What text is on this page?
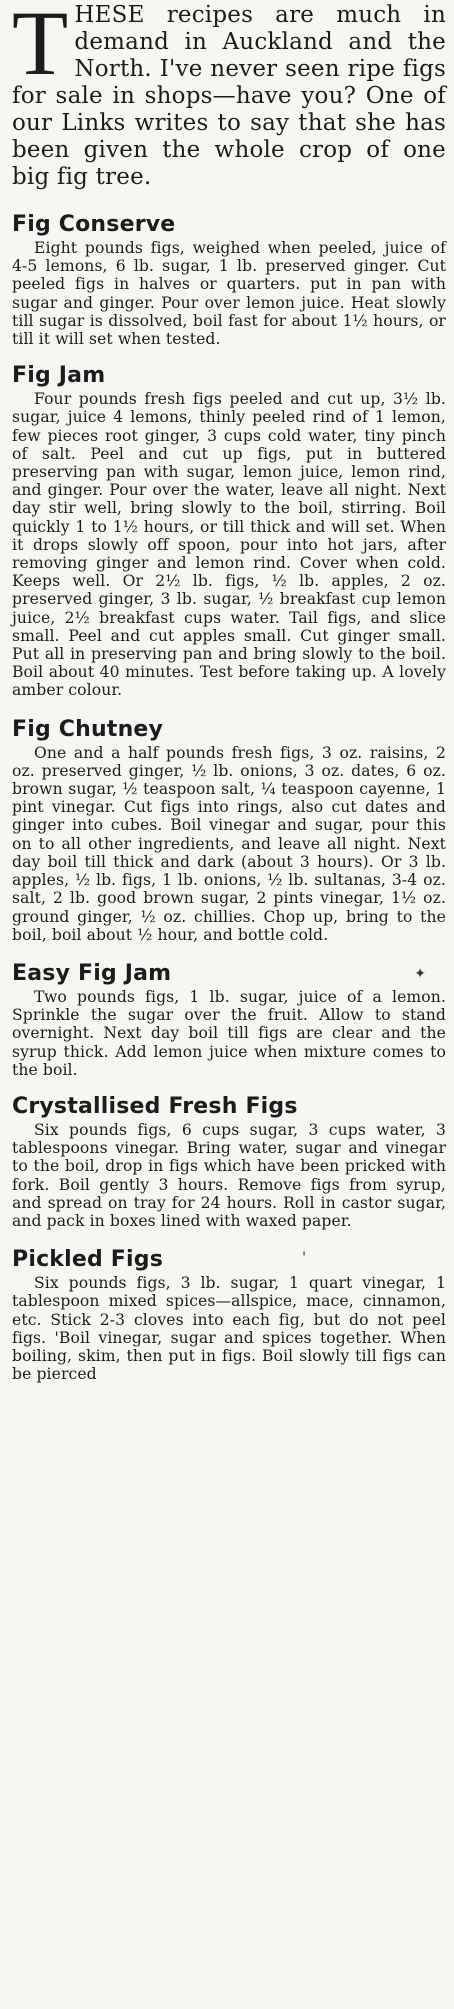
T HESE recipes are much in demand in Auckland and the North. I've never seen ripe figs for sale in shops—have you? One of our Links writes to say that she has been given the whole crop of one big fig tree.
Fig Conserve

Eight pounds figs, weighed when peeled, juice of 4-5 lemons, 6 lb. sugar, 1 lb. preserved ginger. Cut peeled figs in halves or quarters. put in pan with sugar and ginger. Pour over lemon juice. Heat slowly till sugar is dissolved, boil fast for about 1½ hours, or till it will set when tested.

Fig Jam

Four pounds fresh figs peeled and cut up, 3½ lb. sugar, juice 4 lemons, thinly peeled rind of 1 lemon, few pieces root ginger, 3 cups cold water, tiny pinch of salt. Peel and cut up figs, put in buttered preserving pan with sugar, lemon juice, lemon rind, and ginger. Pour over the water, leave all night. Next day stir well, bring slowly to the boil, stirring. Boil quickly 1 to 1½ hours, or till thick and will set. When it drops slowly off spoon, pour into hot jars, after removing ginger and lemon rind. Cover when cold. Keeps well. Or 2½ lb. figs, ½ lb. apples, 2 oz. preserved ginger, 3 lb. sugar, ½ breakfast cup lemon juice, 2½ breakfast cups water. Tail figs, and slice small. Peel and cut apples small. Cut ginger small. Put all in preserving pan and bring slowly to the boil. Boil about 40 minutes. Test before taking up. A lovely amber colour.

Fig Chutney

One and a half pounds fresh figs, 3 oz. raisins, 2 oz. preserved ginger, ½ lb. onions, 3 oz. dates, 6 oz. brown sugar, ½ teaspoon salt, ¼ teaspoon cayenne, 1 pint vinegar. Cut figs into rings, also cut dates and ginger into cubes. Boil vinegar and sugar, pour this on to all other ingredients, and leave all night. Next day boil till thick and dark (about 3 hours). Or 3 lb. apples, ½ lb. figs, 1 lb. onions, ½ lb. sultanas, 3-4 oz. salt, 2 lb. good brown sugar, 2 pints vinegar, 1½ oz. ground ginger, ½ oz. chillies. Chop up, bring to the boil, boil about ½ hour, and bottle cold.

✦
Easy Fig Jam

Two pounds figs, 1 lb. sugar, juice of a lemon. Sprinkle the sugar over the fruit. Allow to stand overnight. Next day boil till figs are clear and the syrup thick. Add lemon juice when mixture comes to the boil.

Crystallised Fresh Figs

Six pounds figs, 6 cups sugar, 3 cups water, 3 tablespoons vinegar. Bring water, sugar and vinegar to the boil, drop in figs which have been pricked with fork. Boil gently 3 hours. Remove figs from syrup, and spread on tray for 24 hours. Roll in castor sugar, and pack in boxes lined with waxed paper.

'
Pickled Figs

Six pounds figs, 3 lb. sugar, 1 quart vinegar, 1 tablespoon mixed spices—allspice, mace, cinnamon, etc. Stick 2-3 cloves into each fig, but do not peel figs. 'Boil vinegar, sugar and spices together. When boiling, skim, then put in figs. Boil slowly till figs can be pierced
